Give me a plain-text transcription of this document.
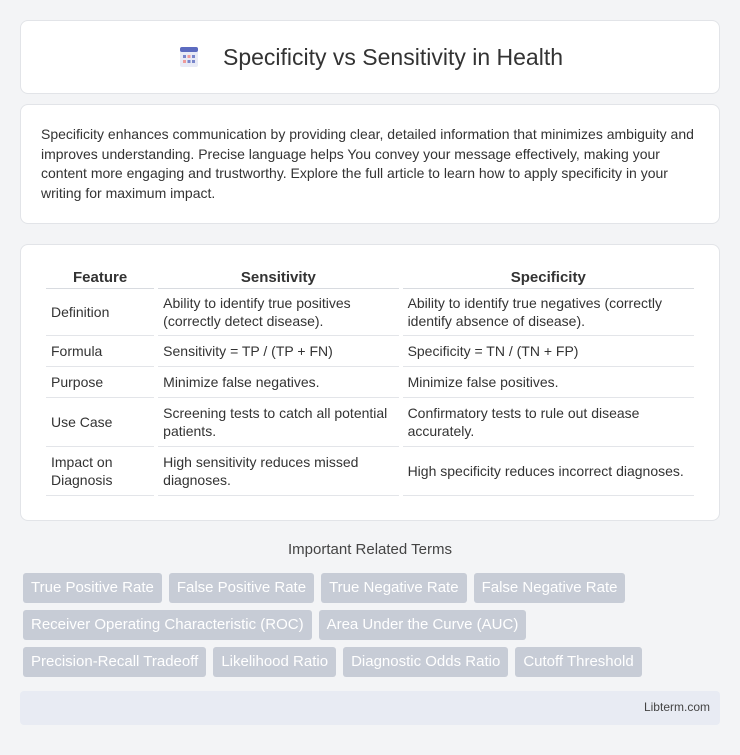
Specificity vs Sensitivity in Health

Specificity enhances communication by providing clear, detailed information that minimizes ambiguity and improves understanding. Precise language helps You convey your message effectively, making your content more engaging and trustworthy. Explore the full article to learn how to apply specificity in your writing for maximum impact.

Feature	Sensitivity	Specificity
Definition	Ability to identify true positives (correctly detect disease).	Ability to identify true negatives (correctly identify absence of disease).
Formula	Sensitivity = TP / (TP + FN)	Specificity = TN / (TN + FP)
Purpose	Minimize false negatives.	Minimize false positives.
Use Case	Screening tests to catch all potential patients.	Confirmatory tests to rule out disease accurately.
Impact on Diagnosis	High sensitivity reduces missed diagnoses.	High specificity reduces incorrect diagnoses.
Important Related Terms
True Positive Rate	False Positive Rate	True Negative Rate	False Negative Rate
Receiver Operating Characteristic (ROC)	Area Under the Curve (AUC)
Precision-Recall Tradeoff	Likelihood Ratio	Diagnostic Odds Ratio	Cutoff Threshold
Libterm.com
